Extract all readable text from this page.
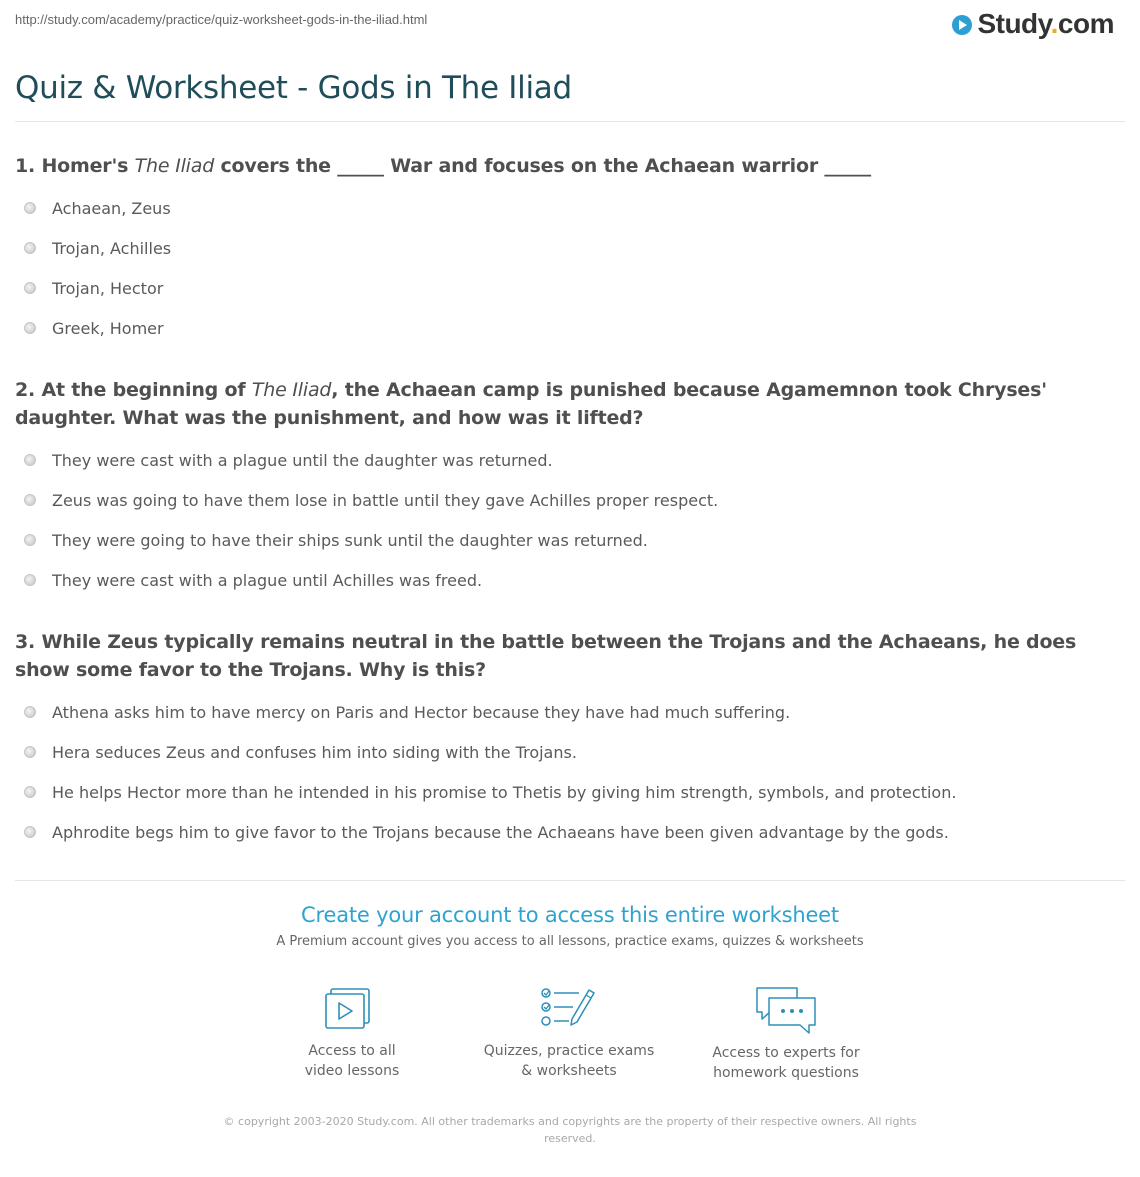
http://study.com/academy/practice/quiz-worksheet-gods-in-the-iliad.html	Study.com
Quiz & Worksheet - Gods in The Iliad

1. Homer's The Iliad covers the _____ War and focuses on the Achaean warrior _____

Achaean, Zeus
Trojan, Achilles
Trojan, Hector
Greek, Homer

2. At the beginning of The Iliad, the Achaean camp is punished because Agamemnon took Chryses' daughter. What was the punishment, and how was it lifted?

They were cast with a plague until the daughter was returned.
Zeus was going to have them lose in battle until they gave Achilles proper respect.
They were going to have their ships sunk until the daughter was returned.
They were cast with a plague until Achilles was freed.

3. While Zeus typically remains neutral in the battle between the Trojans and the Achaeans, he does show some favor to the Trojans. Why is this?

Athena asks him to have mercy on Paris and Hector because they have had much suffering.
Hera seduces Zeus and confuses him into siding with the Trojans.
He helps Hector more than he intended in his promise to Thetis by giving him strength, symbols, and protection.
Aphrodite begs him to give favor to the Trojans because the Achaeans have been given advantage by the gods.
Create your account to access this entire worksheet
A Premium account gives you access to all lessons, practice exams, quizzes & worksheets
Access to all
video lessons
Quizzes, practice exams
& worksheets
Access to experts for
homework questions
© copyright 2003-2020 Study.com. All other trademarks and copyrights are the property of their respective owners. All rights reserved.
